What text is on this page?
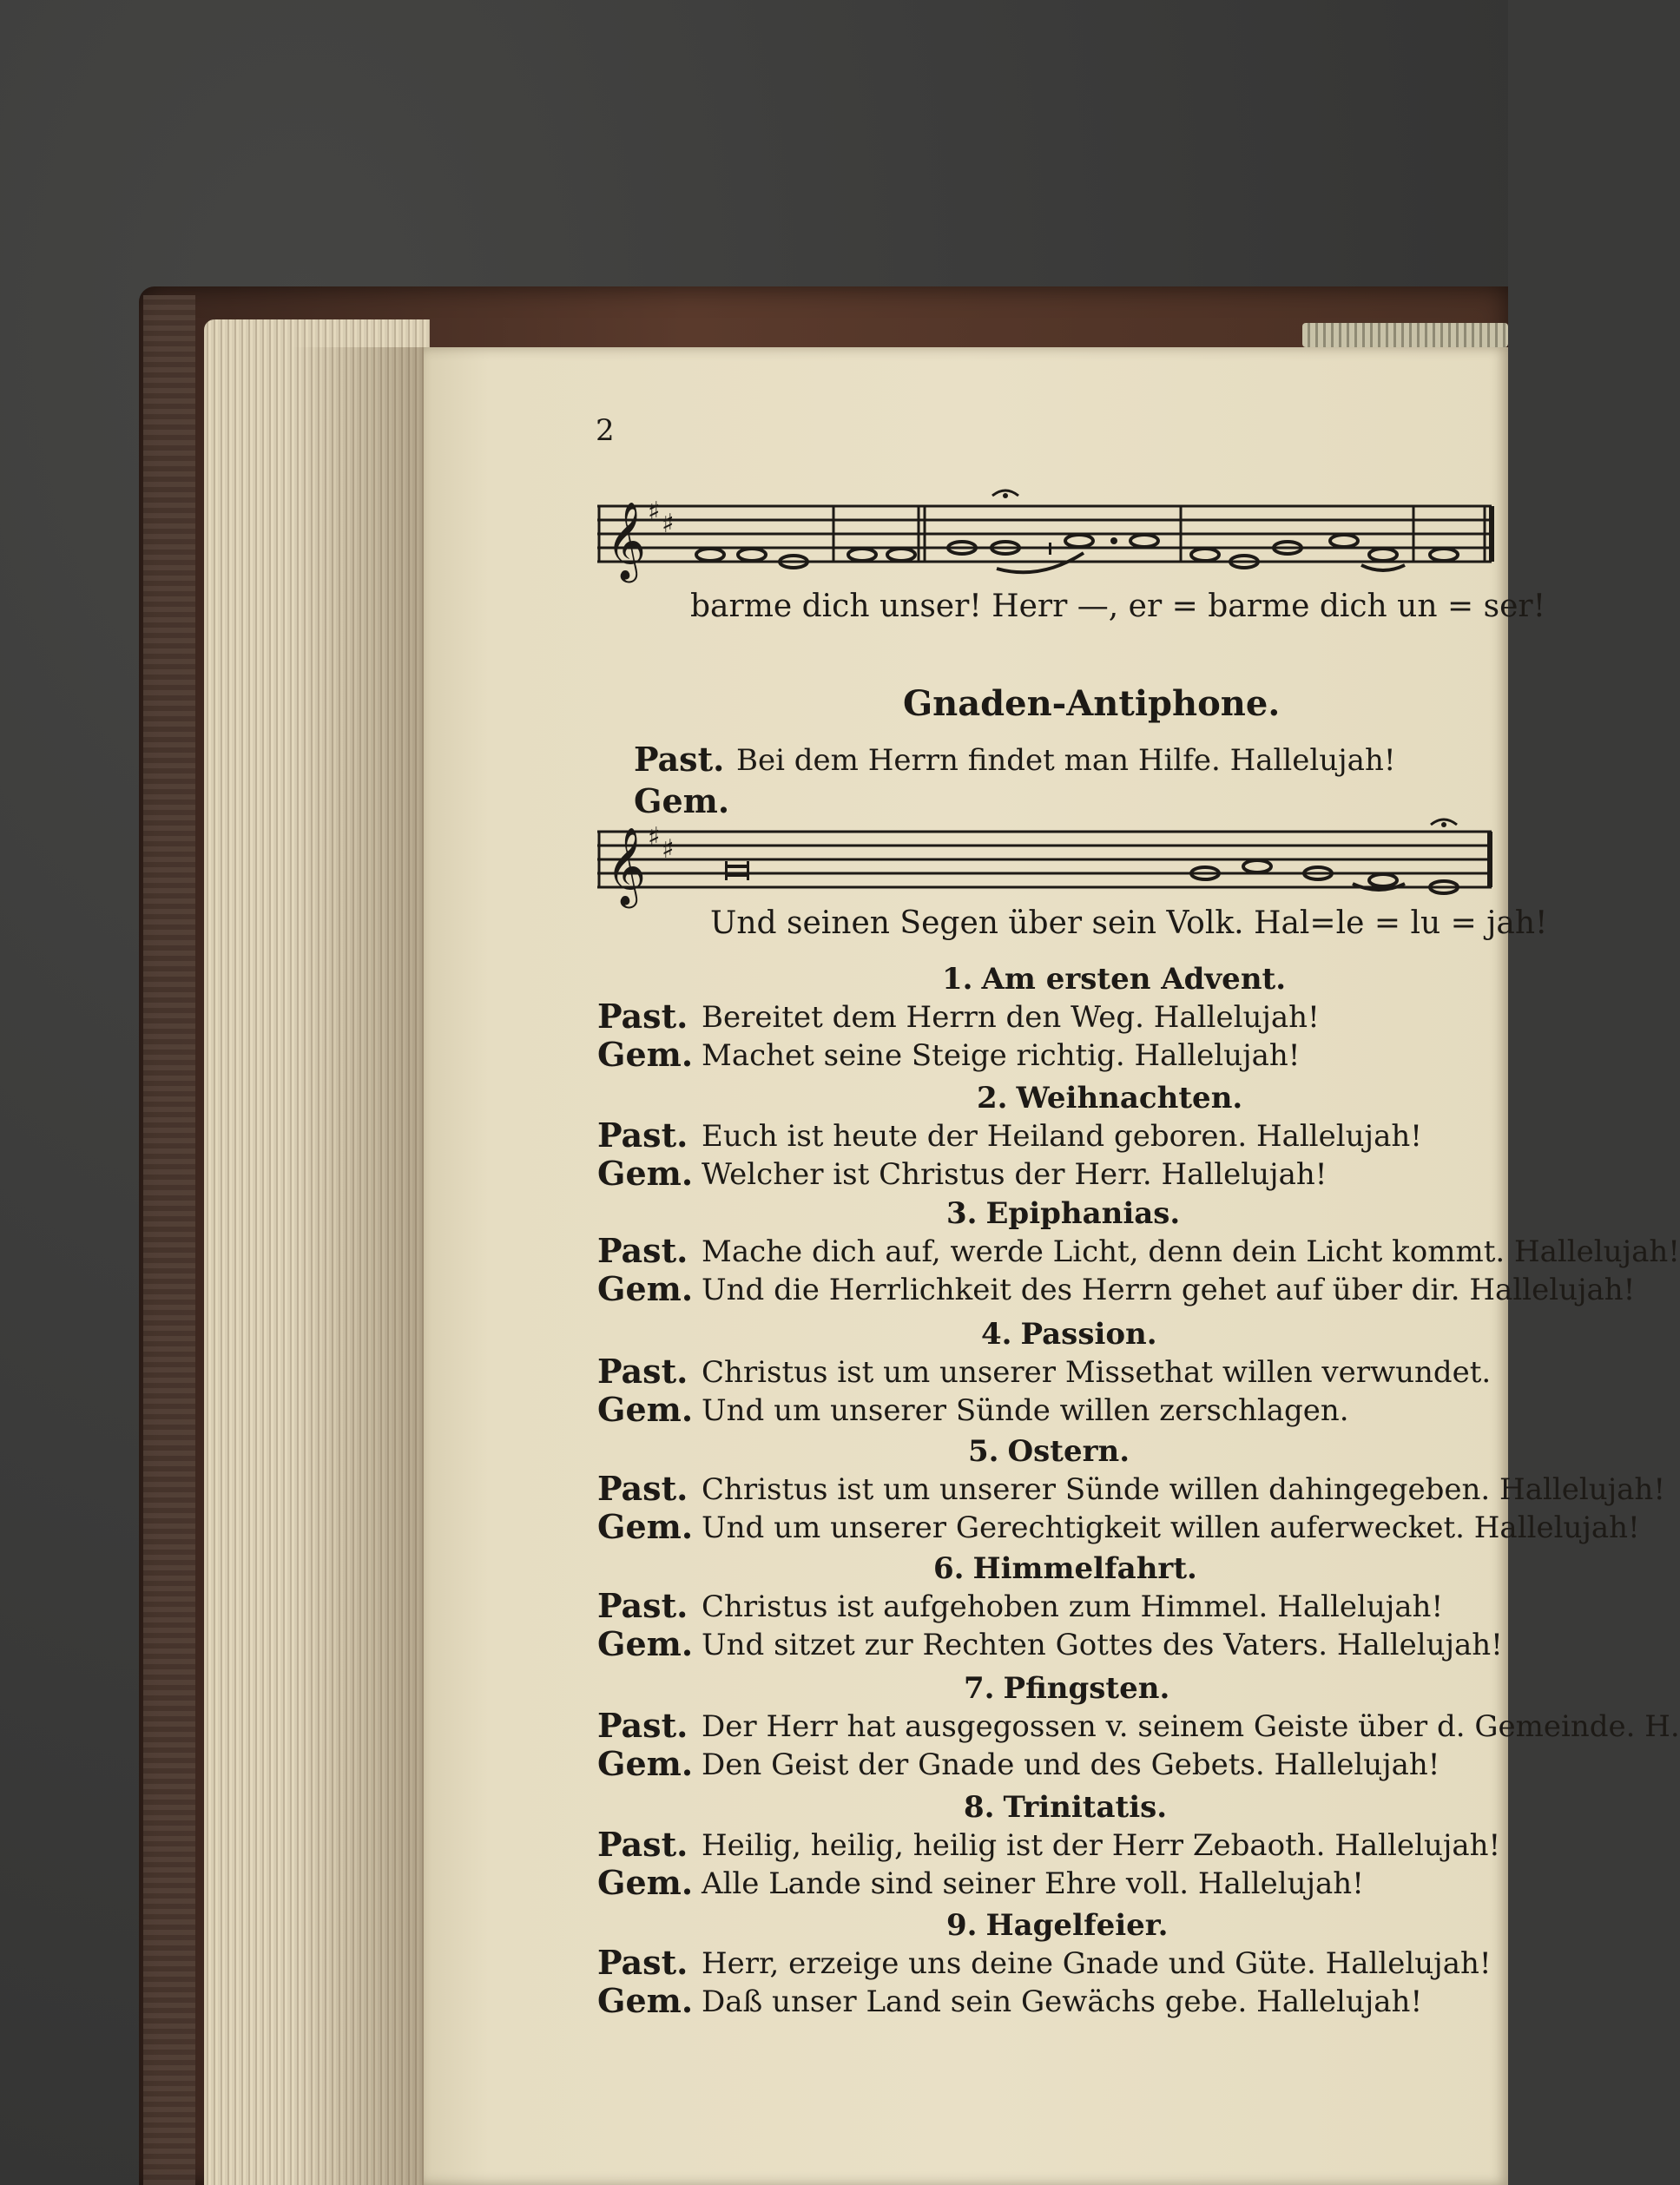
2
𝄞 ♯ ♯
barme dich unser! Herr —, er = barme dich un = ser!
Gnaden-Antiphone.
Past. Bei dem Herrn findet man Hilfe. Hallelujah!
Gem.
𝄞 ♯ ♯
Und seinen Segen über sein Volk. Hal=le = lu = jah!
1. Am ersten Advent.
Past. Bereitet dem Herrn den Weg. Hallelujah!
Gem. Machet seine Steige richtig. Hallelujah!
2. Weihnachten.
Past. Euch ist heute der Heiland geboren. Hallelujah!
Gem. Welcher ist Christus der Herr. Hallelujah!
3. Epiphanias.
Past. Mache dich auf, werde Licht, denn dein Licht kommt. Hallelujah!
Gem. Und die Herrlichkeit des Herrn gehet auf über dir. Hallelujah!
4. Passion.
Past. Christus ist um unserer Missethat willen verwundet.
Gem. Und um unserer Sünde willen zerschlagen.
5. Ostern.
Past. Christus ist um unserer Sünde willen dahingegeben. Hallelujah!
Gem. Und um unserer Gerechtigkeit willen auferwecket. Hallelujah!
6. Himmelfahrt.
Past. Christus ist aufgehoben zum Himmel. Hallelujah!
Gem. Und sitzet zur Rechten Gottes des Vaters. Hallelujah!
7. Pfingsten.
Past. Der Herr hat ausgegossen v. seinem Geiste über d. Gemeinde. H.
Gem. Den Geist der Gnade und des Gebets. Hallelujah!
8. Trinitatis.
Past. Heilig, heilig, heilig ist der Herr Zebaoth. Hallelujah!
Gem. Alle Lande sind seiner Ehre voll. Hallelujah!
9. Hagelfeier.
Past. Herr, erzeige uns deine Gnade und Güte. Hallelujah!
Gem. Daß unser Land sein Gewächs gebe. Hallelujah!
